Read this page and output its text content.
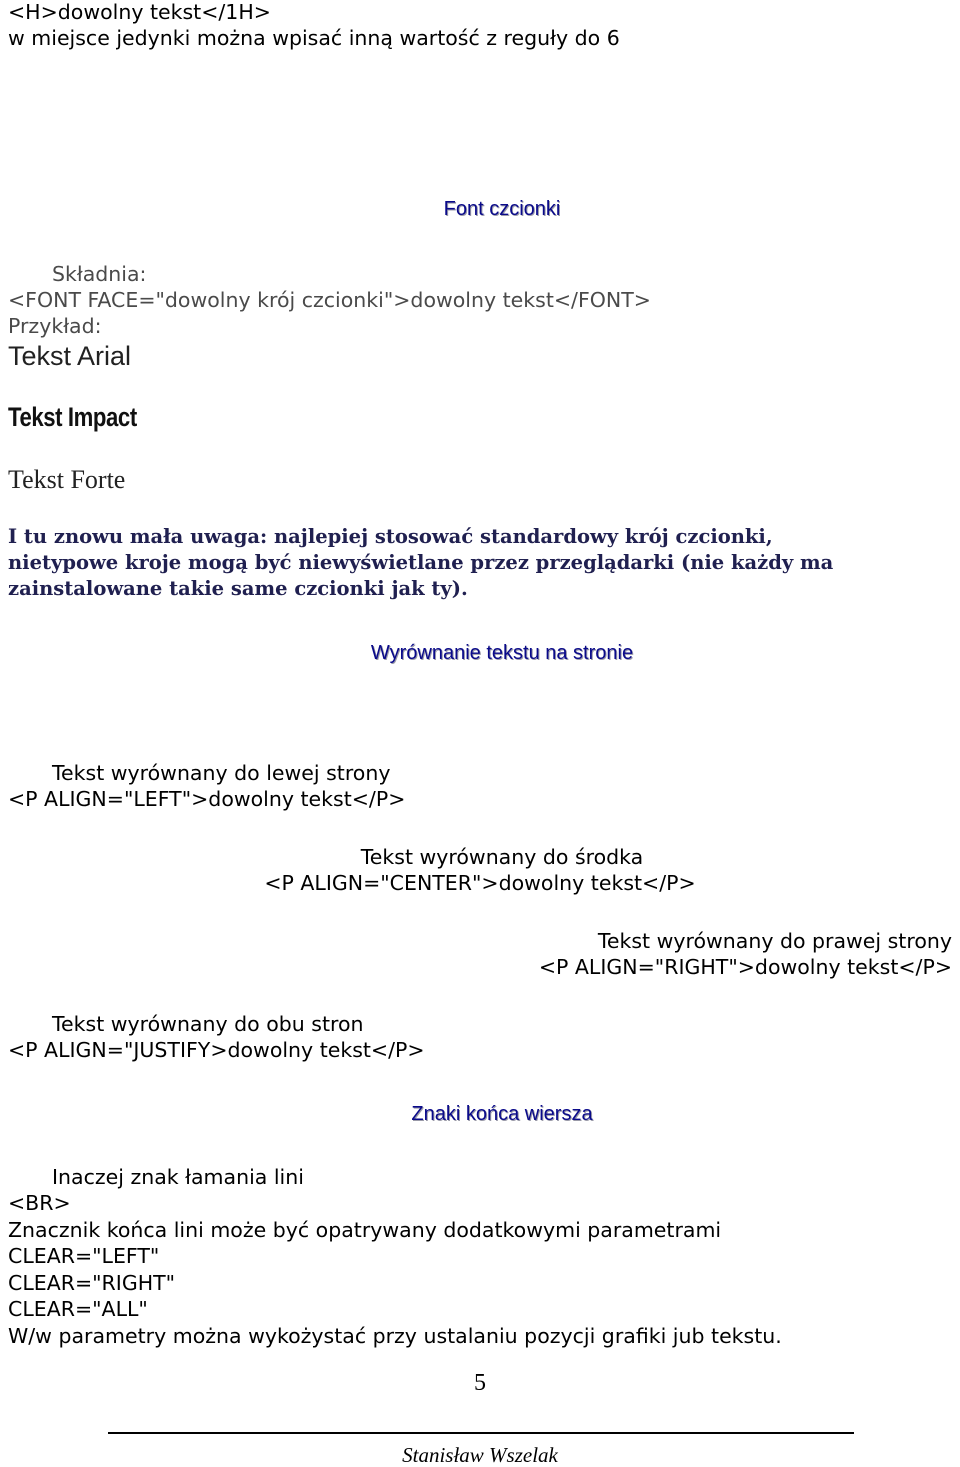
<H>dowolny tekst</1H>
w miejsce jedynki można wpisać inną wartość z reguły do 6
Font czcionki
Składnia:
<FONT FACE="dowolny krój czcionki">dowolny tekst</FONT>
Przykład:
Tekst Arial
Tekst Impact
Tekst Forte
I tu znowu mała uwaga: najlepiej stosować standardowy krój czcionki,
nietypowe kroje mogą być niewyświetlane przez przeglądarki (nie każdy ma
zainstalowane takie same czcionki jak ty).
Wyrównanie tekstu na stronie
Tekst wyrównany do lewej strony
<P ALIGN="LEFT">dowolny tekst</P>
Tekst wyrównany do środka
<P ALIGN="CENTER">dowolny tekst</P>
Tekst wyrównany do prawej strony
<P ALIGN="RIGHT">dowolny tekst</P>
Tekst wyrównany do obu stron
<P ALIGN="JUSTIFY>dowolny tekst</P>
Znaki końca wiersza
Inaczej znak łamania lini
<BR>
Znacznik końca lini może być opatrywany dodatkowymi parametrami
CLEAR="LEFT"
CLEAR="RIGHT"
CLEAR="ALL"
W/w parametry można wykożystać przy ustalaniu pozycji grafiki jub tekstu.
5
Stanisław Wszelak
